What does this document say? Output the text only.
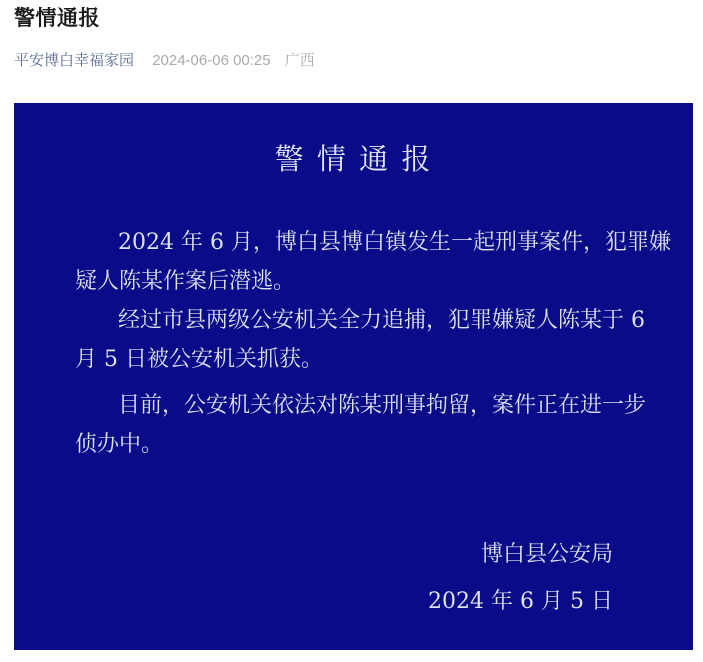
警情通报
平安博白幸福家园 2024-06-06 00:25 广西
警 情 通 报
2024 年 6 月，博白县博白镇发生一起刑事案件，犯罪嫌
疑人陈某作案后潜逃。
经过市县两级公安机关全力追捕，犯罪嫌疑人陈某于 6
月 5 日被公安机关抓获。
目前，公安机关依法对陈某刑事拘留，案件正在进一步
侦办中。
博白县公安局
2024 年 6 月 5 日
